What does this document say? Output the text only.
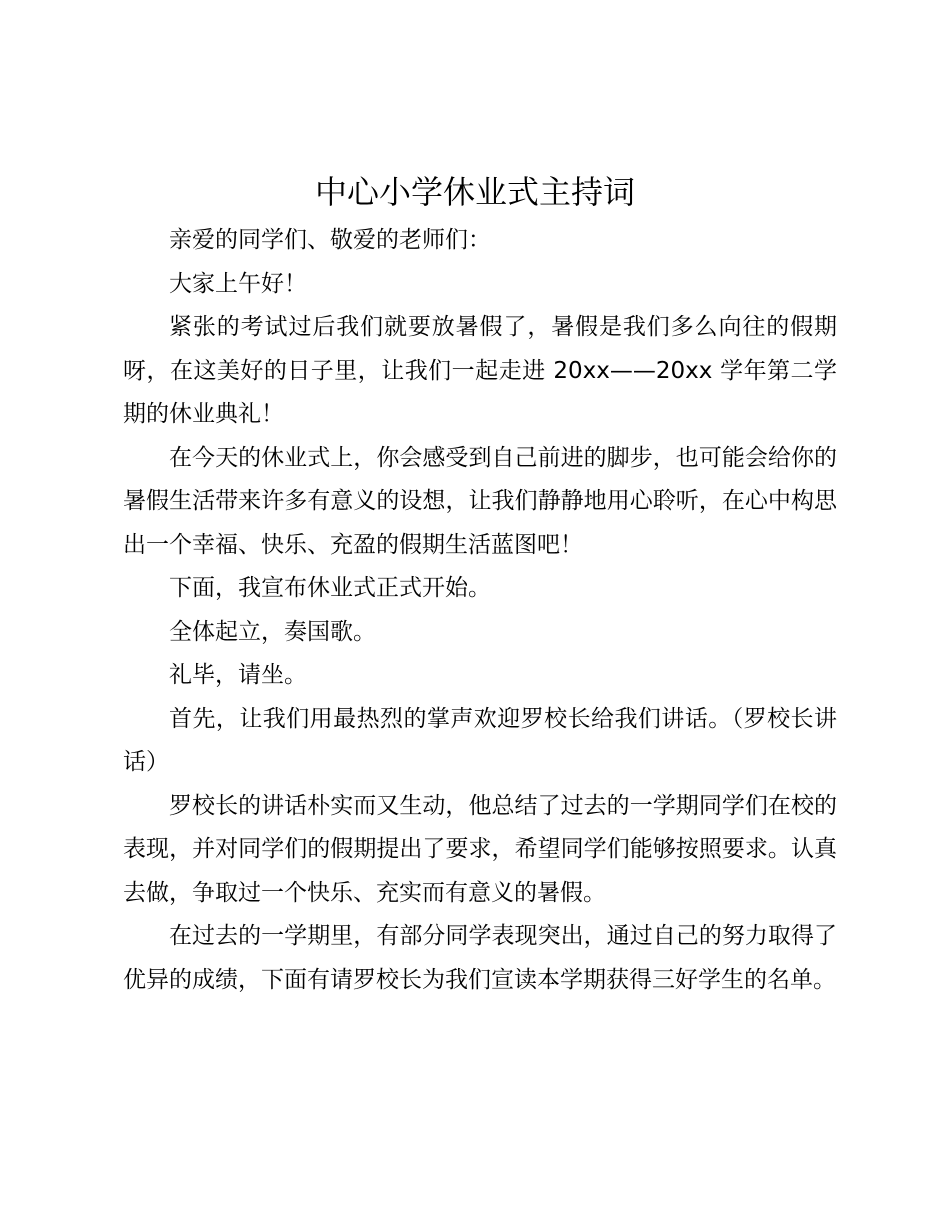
中心小学休业式主持词

亲爱的同学们、敬爱的老师们：

大家上午好！

紧张的考试过后我们就要放暑假了，暑假是我们多么向往的假期呀，在这美好的日子里，让我们一起走进 20xx——20xx 学年第二学期的休业典礼！

在今天的休业式上，你会感受到自己前进的脚步，也可能会给你的暑假生活带来许多有意义的设想，让我们静静地用心聆听，在心中构思出一个幸福、快乐、充盈的假期生活蓝图吧！

下面，我宣布休业式正式开始。

全体起立，奏国歌。

礼毕，请坐。

首先，让我们用最热烈的掌声欢迎罗校长给我们讲话。（罗校长讲话）

罗校长的讲话朴实而又生动，他总结了过去的一学期同学们在校的表现，并对同学们的假期提出了要求，希望同学们能够按照要求。认真去做，争取过一个快乐、充实而有意义的暑假。

在过去的一学期里，有部分同学表现突出，通过自己的努力取得了优异的成绩，下面有请罗校长为我们宣读本学期获得三好学生的名单。
